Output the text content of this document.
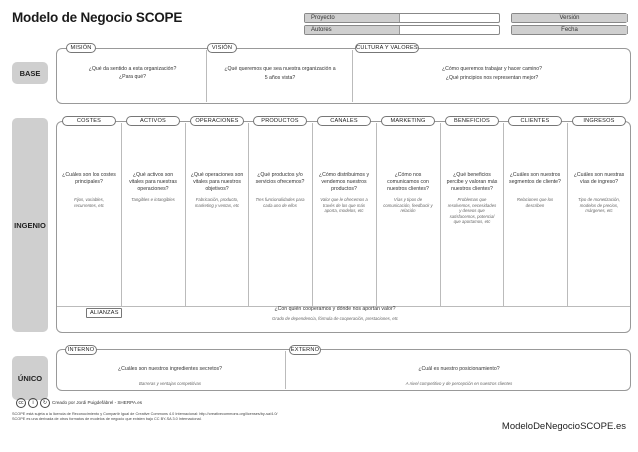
Modelo de Negocio SCOPE	Proyecto
Autores
Versión
Fecha
BASE
MISIÓN
¿Qué da sentido a esta organización?
¿Para qué?
VISIÓN
¿Qué queremos que sea nuestra organización a
5 años vista?
CULTURA Y VALORES
¿Cómo queremos trabajar y hacer camino?
¿Qué principios nos representan mejor?
INGENIO
COSTES
¿Cuáles son los costes principales?
Fijos, variables, recurrentes, etc
ACTIVOS
¿Qué activos son vitales para nuestras operaciones?
Tangibles e intangibles
OPERACIONES
¿Qué operaciones son vitales para nuestros objetivos?
Fabricación, producto, marketing y ventas, etc
PRODUCTOS
¿Qué productos y/o servicios ofrecemos?
Tres funcionalidades para cada uno de ellos
CANALES
¿Cómo distribuimos y vendemos nuestros productos?
Valor que le ofrecemos a través de los que más aporta, modelos, etc
MARKETING
¿Cómo nos comunicamos con nuestros clientes?
Vías y tipos de comunicación, feedback y relación
BENEFICIOS
¿Qué beneficios percibe y valoran más nuestros clientes?
Problemas que resolvemos, necesidades y deseos que satisfacemos, potencial que aportamos, etc
CLIENTES
¿Cuáles son nuestros segmentos de cliente?
Relaciones que los describen
INGRESOS
¿Cuáles son nuestras vías de ingreso?
Tipo de monetización, modelos de precios, márgenes, etc
ALIANZAS
¿Con quién cooperamos y dónde nos aportan valor?
Grado de dependencia, fórmula de cooperación, prestaciones, etc
ÚNICO
INTERNO
¿Cuáles son nuestros ingredientes secretos?
Barreras y ventajas competitivas
EXTERNO
¿Cuál es nuestro posicionamiento?
A nivel competitivo y de percepción en nuestros clientes
cc	i	↻	Creado por Jordi Puigdefàbrel - SHERPA.es
SCOPE está sujeta a la licencia de Reconocimiento y Compartir Igual de Creative Commons 4.0 Internacional: http://creativecommons.org/licenses/by-sa/4.0/
SCOPE es una derivada de otros formatos de modelos de negocio que existen bajo CC BY-SA 3.0 Internacional.
ModeloDeNegocioSCOPE.es
